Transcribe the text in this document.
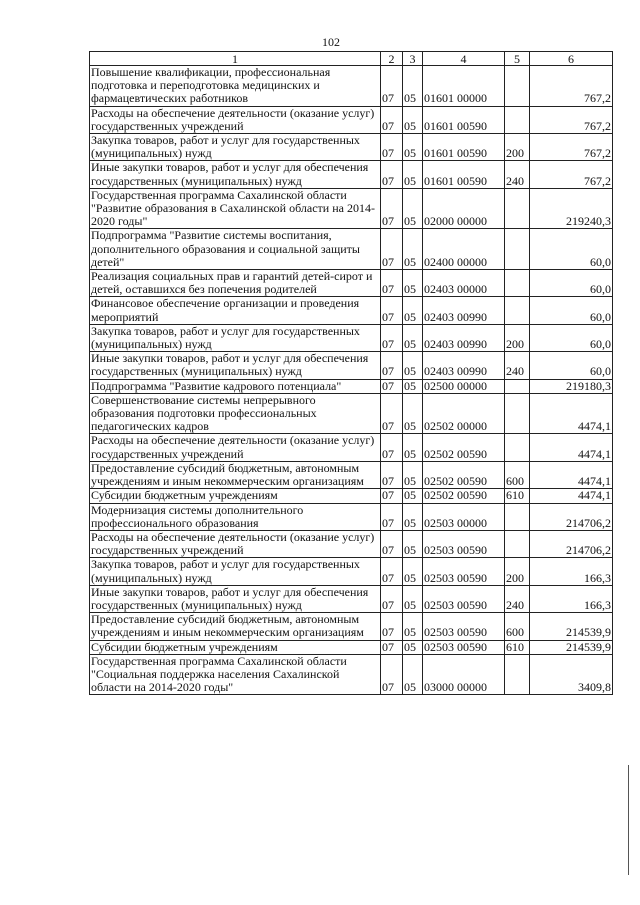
102
1	2	3	4	5	6
Повышение квалификации, профессиональная подготовка и переподготовка медицинских и фармацевтических работников	07	05	01601 00000		767,2
Расходы на обеспечение деятельности (оказание услуг) государственных учреждений	07	05	01601 00590		767,2
Закупка товаров, работ и услуг для государственных (муниципальных) нужд	07	05	01601 00590	200	767,2
Иные закупки товаров, работ и услуг для обеспечения государственных (муниципальных) нужд	07	05	01601 00590	240	767,2
Государственная программа Сахалинской области "Развитие образования в Сахалинской области на 2014-2020 годы"	07	05	02000 00000		219240,3
Подпрограмма "Развитие системы воспитания, дополнительного образования и социальной защиты детей"	07	05	02400 00000		60,0
Реализация социальных прав и гарантий детей-сирот и детей, оставшихся без попечения родителей	07	05	02403 00000		60,0
Финансовое обеспечение организации и проведения мероприятий	07	05	02403 00990		60,0
Закупка товаров, работ и услуг для государственных (муниципальных) нужд	07	05	02403 00990	200	60,0
Иные закупки товаров, работ и услуг для обеспечения государственных (муниципальных) нужд	07	05	02403 00990	240	60,0
Подпрограмма "Развитие кадрового потенциала"	07	05	02500 00000		219180,3
Совершенствование системы непрерывного образования подготовки профессиональных педагогических кадров	07	05	02502 00000		4474,1
Расходы на обеспечение деятельности (оказание услуг) государственных учреждений	07	05	02502 00590		4474,1
Предоставление субсидий бюджетным, автономным учреждениям и иным некоммерческим организациям	07	05	02502 00590	600	4474,1
Субсидии бюджетным учреждениям	07	05	02502 00590	610	4474,1
Модернизация системы дополнительного профессионального образования	07	05	02503 00000		214706,2
Расходы на обеспечение деятельности (оказание услуг) государственных учреждений	07	05	02503 00590		214706,2
Закупка товаров, работ и услуг для государственных (муниципальных) нужд	07	05	02503 00590	200	166,3
Иные закупки товаров, работ и услуг для обеспечения государственных (муниципальных) нужд	07	05	02503 00590	240	166,3
Предоставление субсидий бюджетным, автономным учреждениям и иным некоммерческим организациям	07	05	02503 00590	600	214539,9
Субсидии бюджетным учреждениям	07	05	02503 00590	610	214539,9
Государственная программа Сахалинской области "Социальная поддержка населения Сахалинской области на 2014-2020 годы"	07	05	03000 00000		3409,8
